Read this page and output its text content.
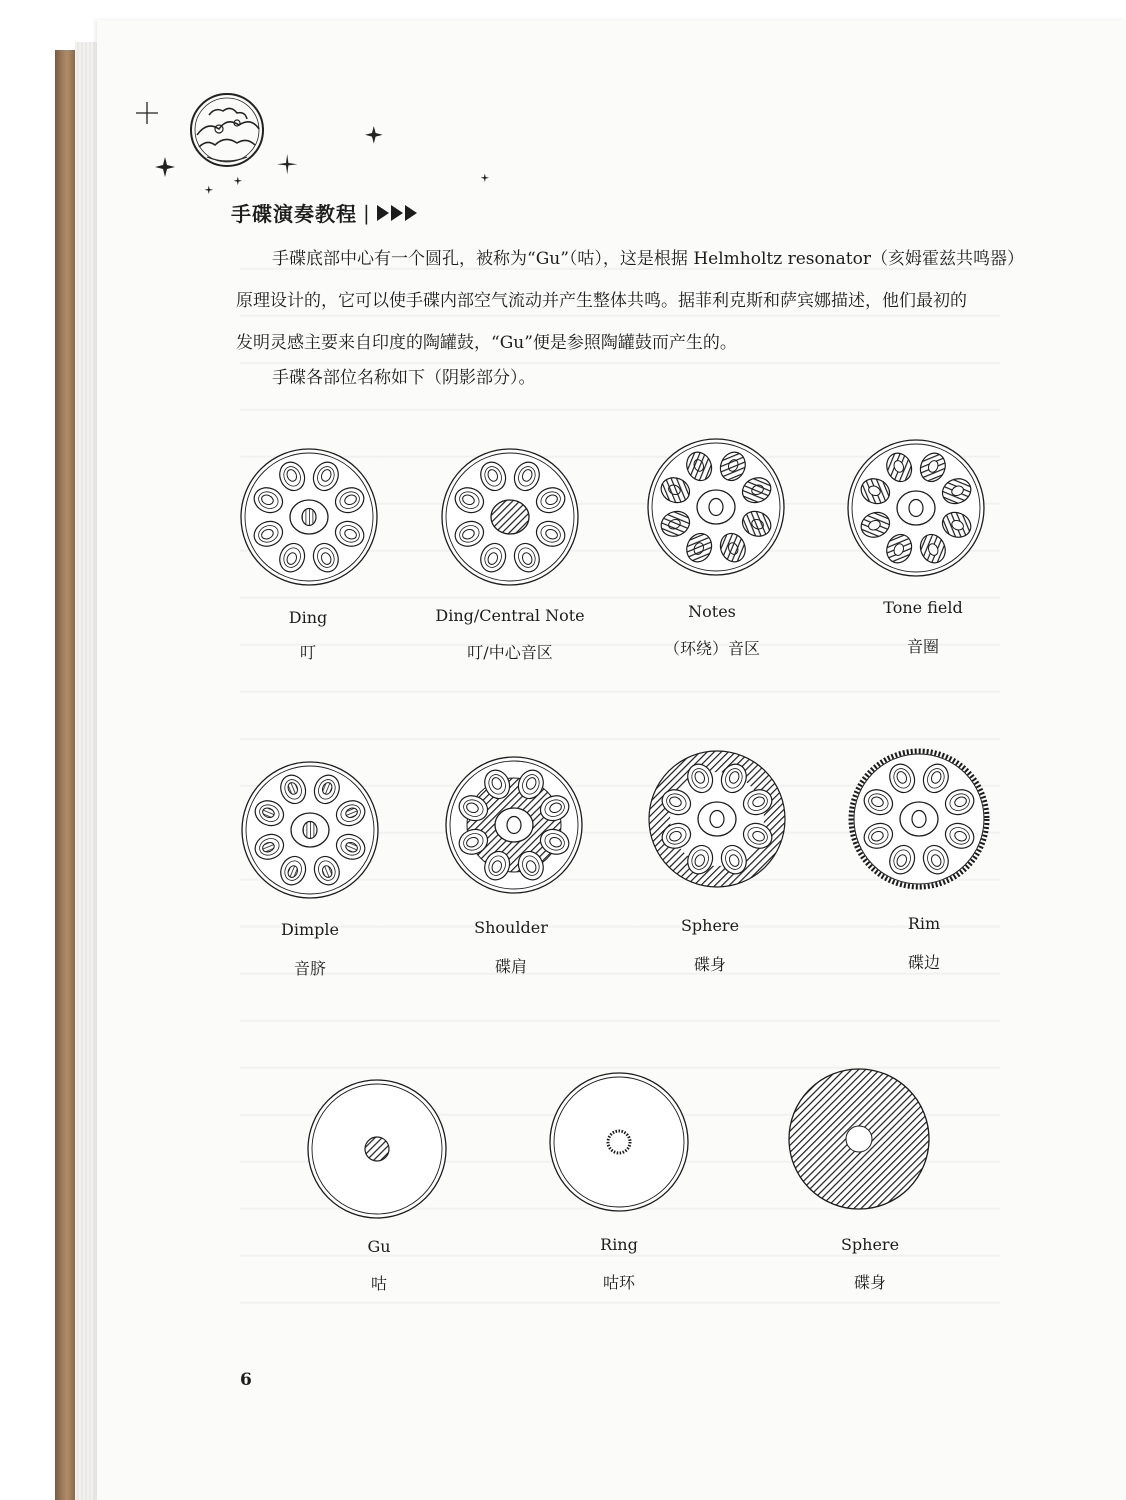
手碟演奏教程 |
手碟底部中心有一个圆孔，被称为“Gu”（咕），这是根据 Helmholtz resonator（亥姆霍兹共鸣器）
原理设计的，它可以使手碟内部空气流动并产生整体共鸣。据菲利克斯和萨宾娜描述，他们最初的
发明灵感主要来自印度的陶罐鼓，“Gu”便是参照陶罐鼓而产生的。
手碟各部位名称如下（阴影部分）。
Ding
叮
Ding/Central Note
叮/中心音区
Notes
（环绕）音区
Tone field
音圈
Dimple
音脐
Shoulder
碟肩
Sphere
碟身
Rim
碟边
Gu
咕
Ring
咕环
Sphere
碟身
6
